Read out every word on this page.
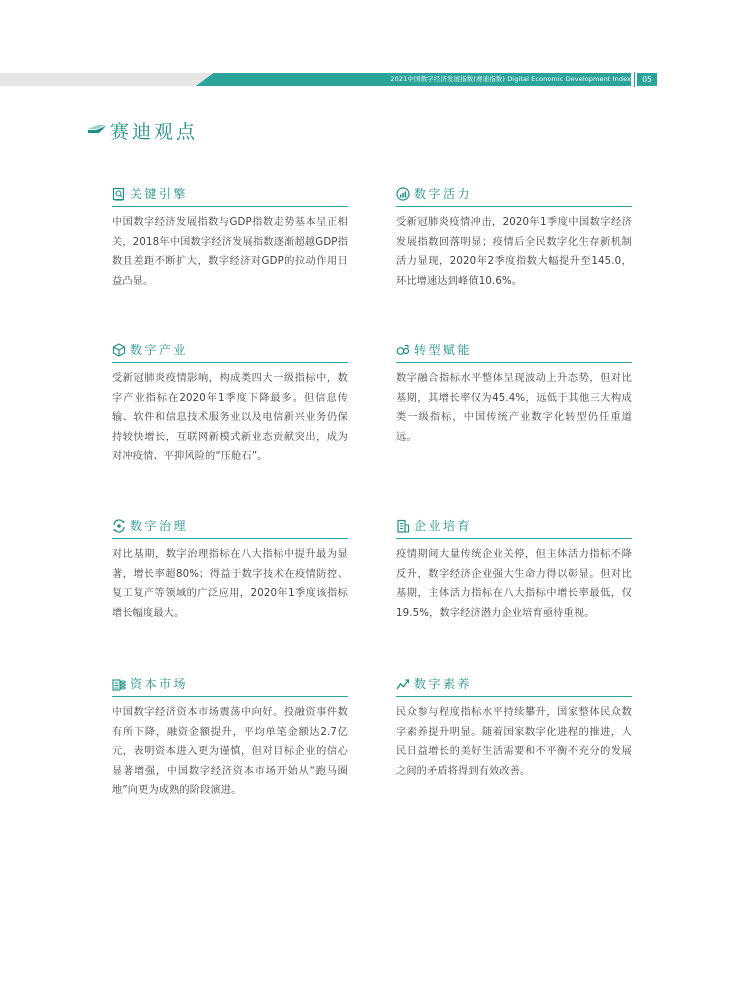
2021中国数字经济发展指数(赛迪指数) Digital Economic Development Index	05
赛迪观点
关键引擎
中国数字经济发展指数与GDP指数走势基本呈正相关，2018年中国数字经济发展指数逐渐超越GDP指数且差距不断扩大，数字经济对GDP的拉动作用日益凸显。
数字活力
受新冠肺炎疫情冲击，2020年1季度中国数字经济发展指数回落明显；疫情后全民数字化生存新机制活力显现，2020年2季度指数大幅提升至145.0，环比增速达到峰值10.6%。
数字产业
受新冠肺炎疫情影响，构成类四大一级指标中，数字产业指标在2020年1季度下降最多。但信息传输、软件和信息技术服务业以及电信新兴业务仍保持较快增长，互联网新模式新业态贡献突出，成为对冲疫情、平抑风险的“压舱石”。
转型赋能
数字融合指标水平整体呈现波动上升态势，但对比基期，其增长率仅为45.4%，远低于其他三大构成类一级指标，中国传统产业数字化转型仍任重道远。
数字治理
对比基期，数字治理指标在八大指标中提升最为显著，增长率超80%；得益于数字技术在疫情防控、复工复产等领域的广泛应用，2020年1季度该指标增长幅度最大。
企业培育
疫情期间大量传统企业关停，但主体活力指标不降反升，数字经济企业强大生命力得以彰显。但对比基期，主体活力指标在八大指标中增长率最低，仅19.5%，数字经济潜力企业培育亟待重视。
资本市场
中国数字经济资本市场震荡中向好。投融资事件数有所下降，融资金额提升，平均单笔金额达2.7亿元，表明资本进入更为谨慎，但对目标企业的信心显著增强，中国数字经济资本市场开始从“跑马圈地”向更为成熟的阶段演进。
数字素养
民众参与程度指标水平持续攀升，国家整体民众数字素养提升明显。随着国家数字化进程的推进，人民日益增长的美好生活需要和不平衡不充分的发展之间的矛盾将得到有效改善。
